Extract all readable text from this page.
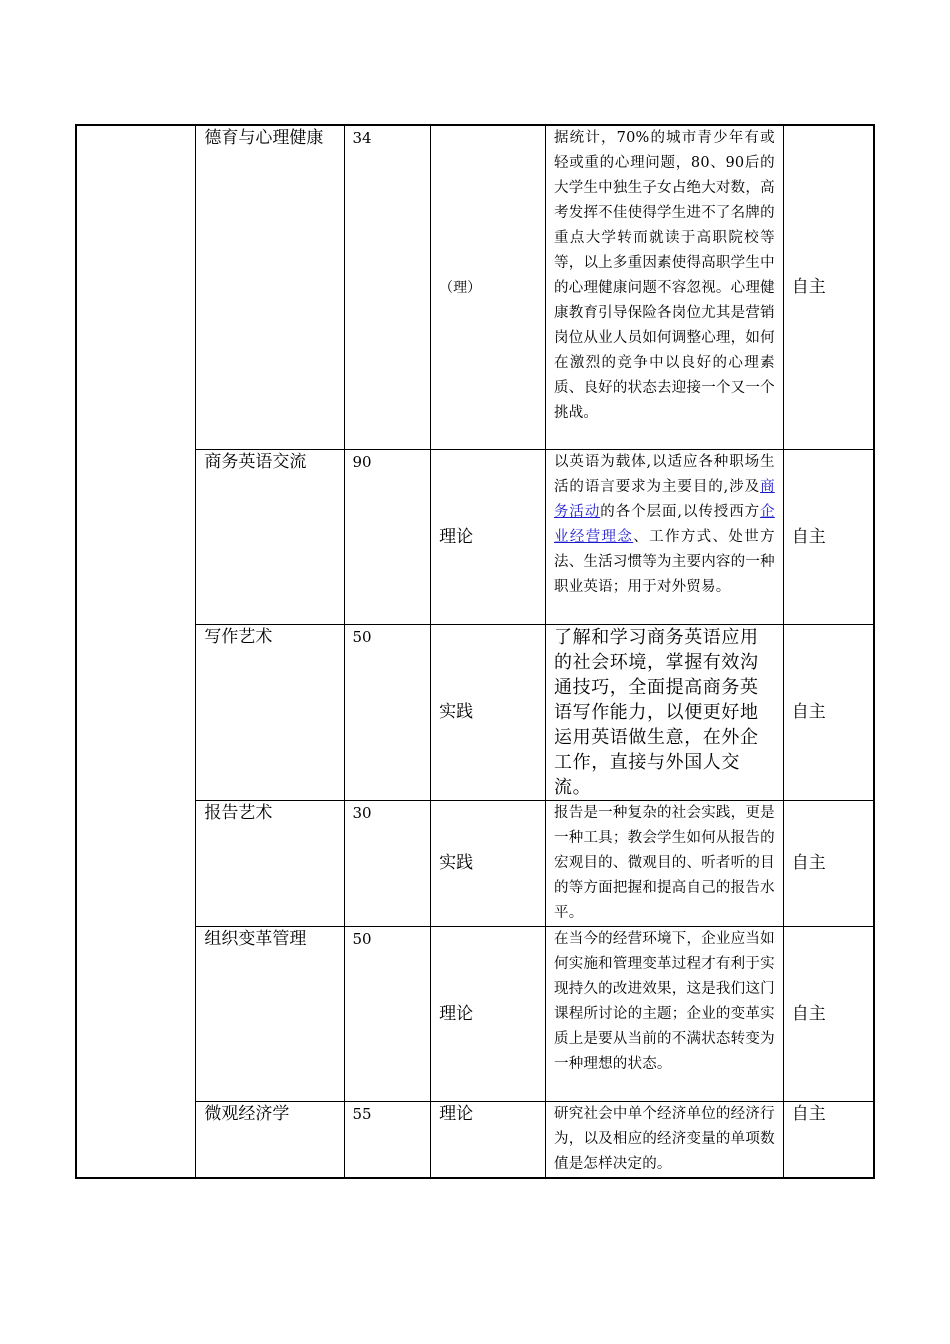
	德育与心理健康	34	（理）	据统计，70%的城市青少年有或轻或重的心理问题，80、90后的大学生中独生子女占绝大对数，高考发挥不佳使得学生进不了名牌的重点大学转而就读于高职院校等等，以上多重因素使得高职学生中的心理健康问题不容忽视。心理健康教育引导保险各岗位尤其是营销岗位从业人员如何调整心理，如何在激烈的竞争中以良好的心理素质、良好的状态去迎接一个又一个挑战。	自主
	商务英语交流	90	理论	以英语为载体,以适应各种职场生活的语言要求为主要目的,涉及商务活动的各个层面,以传授西方企业经营理念、工作方式、处世方法、生活习惯等为主要内容的一种职业英语；用于对外贸易。	自主
	写作艺术	50	实践	了解和学习商务英语应用的社会环境，掌握有效沟通技巧，全面提高商务英语写作能力，以便更好地运用英语做生意，在外企工作，直接与外国人交流。	自主
	报告艺术	30	实践	报告是一种复杂的社会实践，更是一种工具；教会学生如何从报告的宏观目的、微观目的、听者听的目的等方面把握和提高自己的报告水平。	自主
	组织变革管理	50	理论	在当今的经营环境下，企业应当如何实施和管理变革过程才有利于实现持久的改进效果，这是我们这门课程所讨论的主题；企业的变革实质上是要从当前的不满状态转变为一种理想的状态。	自主
	微观经济学	55	理论	研究社会中单个经济单位的经济行为，以及相应的经济变量的单项数值是怎样决定的。	自主
